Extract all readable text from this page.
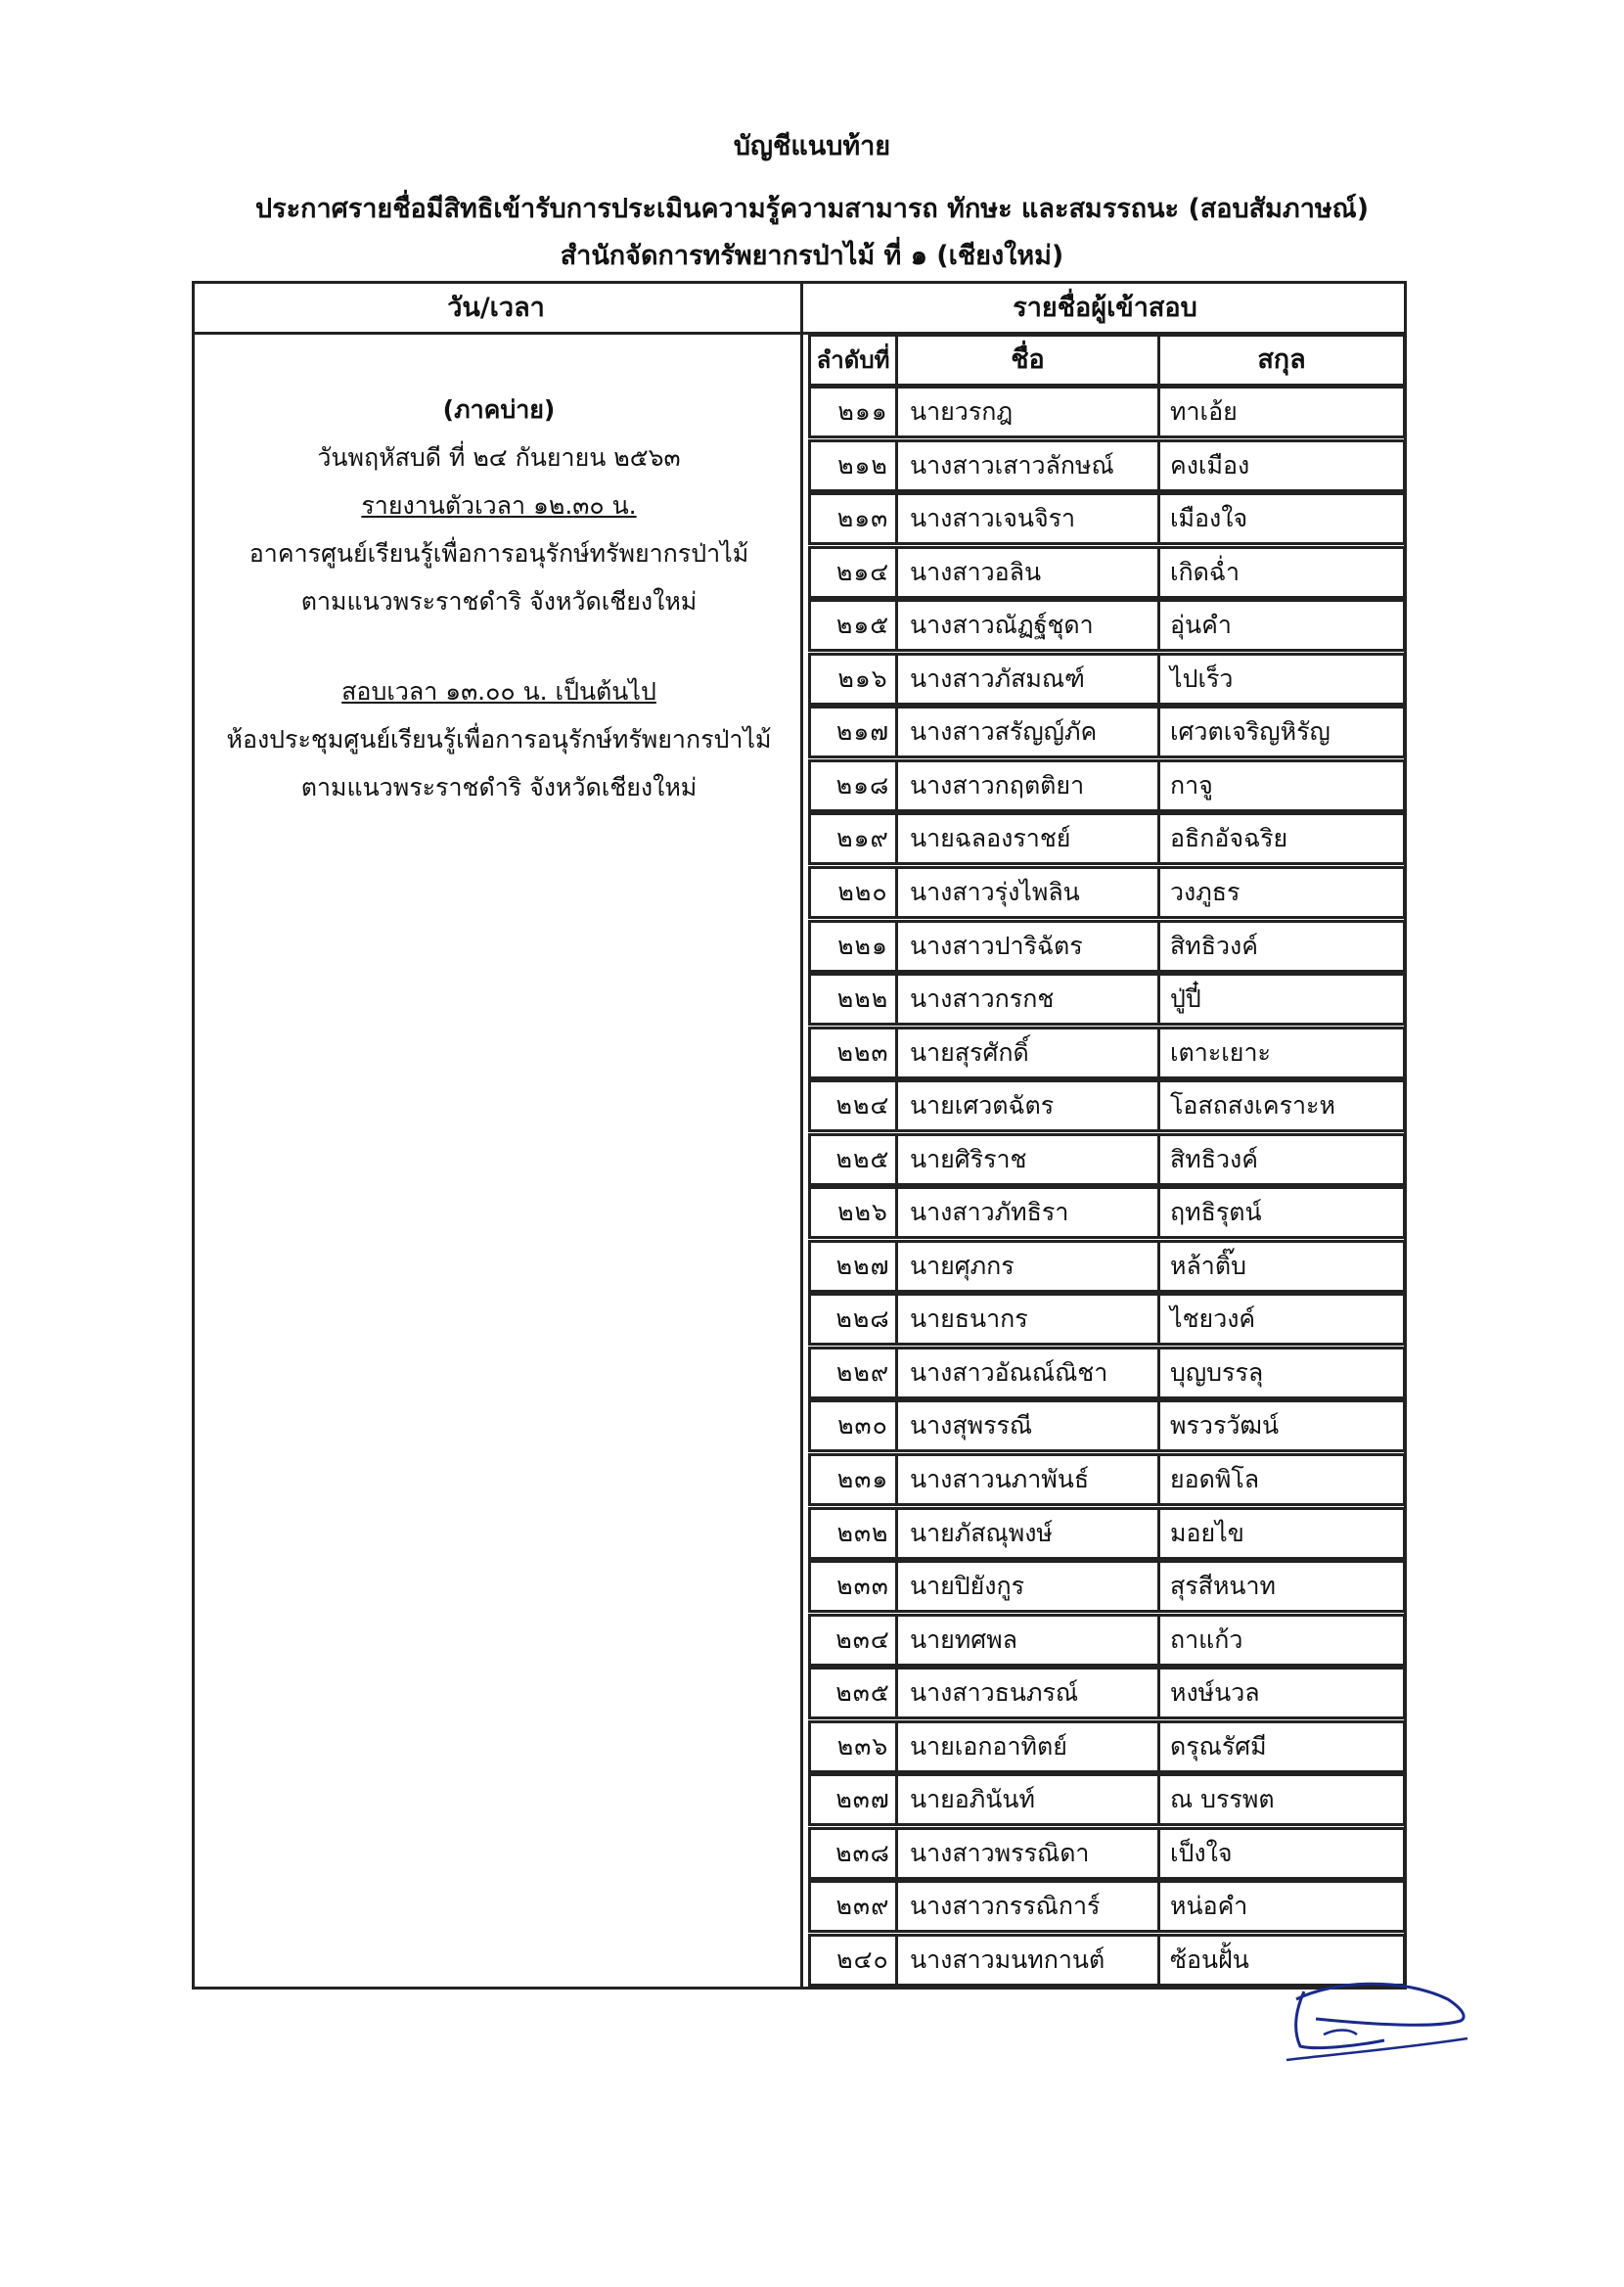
บัญชีแนบท้าย
ประกาศรายชื่อมีสิทธิเข้ารับการประเมินความรู้ความสามารถ ทักษะ และสมรรถนะ (สอบสัมภาษณ์)
สำนักจัดการทรัพยากรป่าไม้ ที่ ๑ (เชียงใหม่)
วัน/เวลา	รายชื่อผู้เข้าสอบ
ลำดับที่	ชื่อ	สกุล
๒๑๑ นายวรกฎ	ทาเอ้ย
๒๑๒ นางสาวเสาวลักษณ์	คงเมือง
๒๑๓ นางสาวเจนจิรา	เมืองใจ
๒๑๔ นางสาวอลิน	เกิดฉ่ำ
๒๑๕ นางสาวณัฏฐ์ชุดา	อุ่นคำ
๒๑๖ นางสาวภัสมณฑ์	ไปเร็ว
๒๑๗ นางสาวสรัญญ์ภัค	เศวตเจริญหิรัญ
๒๑๘ นางสาวกฤตติยา	กาจู
๒๑๙ นายฉลองราชย์	อธิกอัจฉริย
๒๒๐ นางสาวรุ่งไพลิน	วงภูธร
๒๒๑ นางสาวปาริฉัตร	สิทธิวงค์
๒๒๒ นางสาวกรกช	ปู่ปี๋
๒๒๓ นายสุรศักดิ์	เตาะเยาะ
๒๒๔ นายเศวตฉัตร	โอสถสงเคราะห
๒๒๕ นายศิริราช	สิทธิวงค์
๒๒๖ นางสาวภัทธิรา	ฤทธิรุตน์
๒๒๗ นายศุภกร	หล้าติ๊บ
๒๒๘ นายธนากร	ไชยวงค์
๒๒๙ นางสาวอัณณ์ณิชา	บุญบรรลุ
๒๓๐ นางสุพรรณี	พรวรวัฒน์
๒๓๑ นางสาวนภาพันธ์	ยอดพิโล
๒๓๒ นายภัสณุพงษ์	มอยไข
๒๓๓ นายปิยังกูร	สุรสีหนาท
๒๓๔ นายทศพล	ถาแก้ว
๒๓๕ นางสาวธนภรณ์	หงษ์นวล
๒๓๖ นายเอกอาทิตย์	ดรุณรัศมี
๒๓๗ นายอภินันท์	ณ บรรพต
๒๓๘ นางสาวพรรณิดา	เป็งใจ
๒๓๙ นางสาวกรรณิการ์	หน่อคำ
๒๔๐ นางสาวมนทกานต์	ซ้อนฝั้น
(ภาคบ่าย)
วันพฤหัสบดี ที่ ๒๔ กันยายน ๒๕๖๓
รายงานตัวเวลา ๑๒.๓๐ น.
อาคารศูนย์เรียนรู้เพื่อการอนุรักษ์ทรัพยากรป่าไม้
ตามแนวพระราชดำริ จังหวัดเชียงใหม่
สอบเวลา ๑๓.๐๐ น. เป็นต้นไป
ห้องประชุมศูนย์เรียนรู้เพื่อการอนุรักษ์ทรัพยากรป่าไม้
ตามแนวพระราชดำริ จังหวัดเชียงใหม่
